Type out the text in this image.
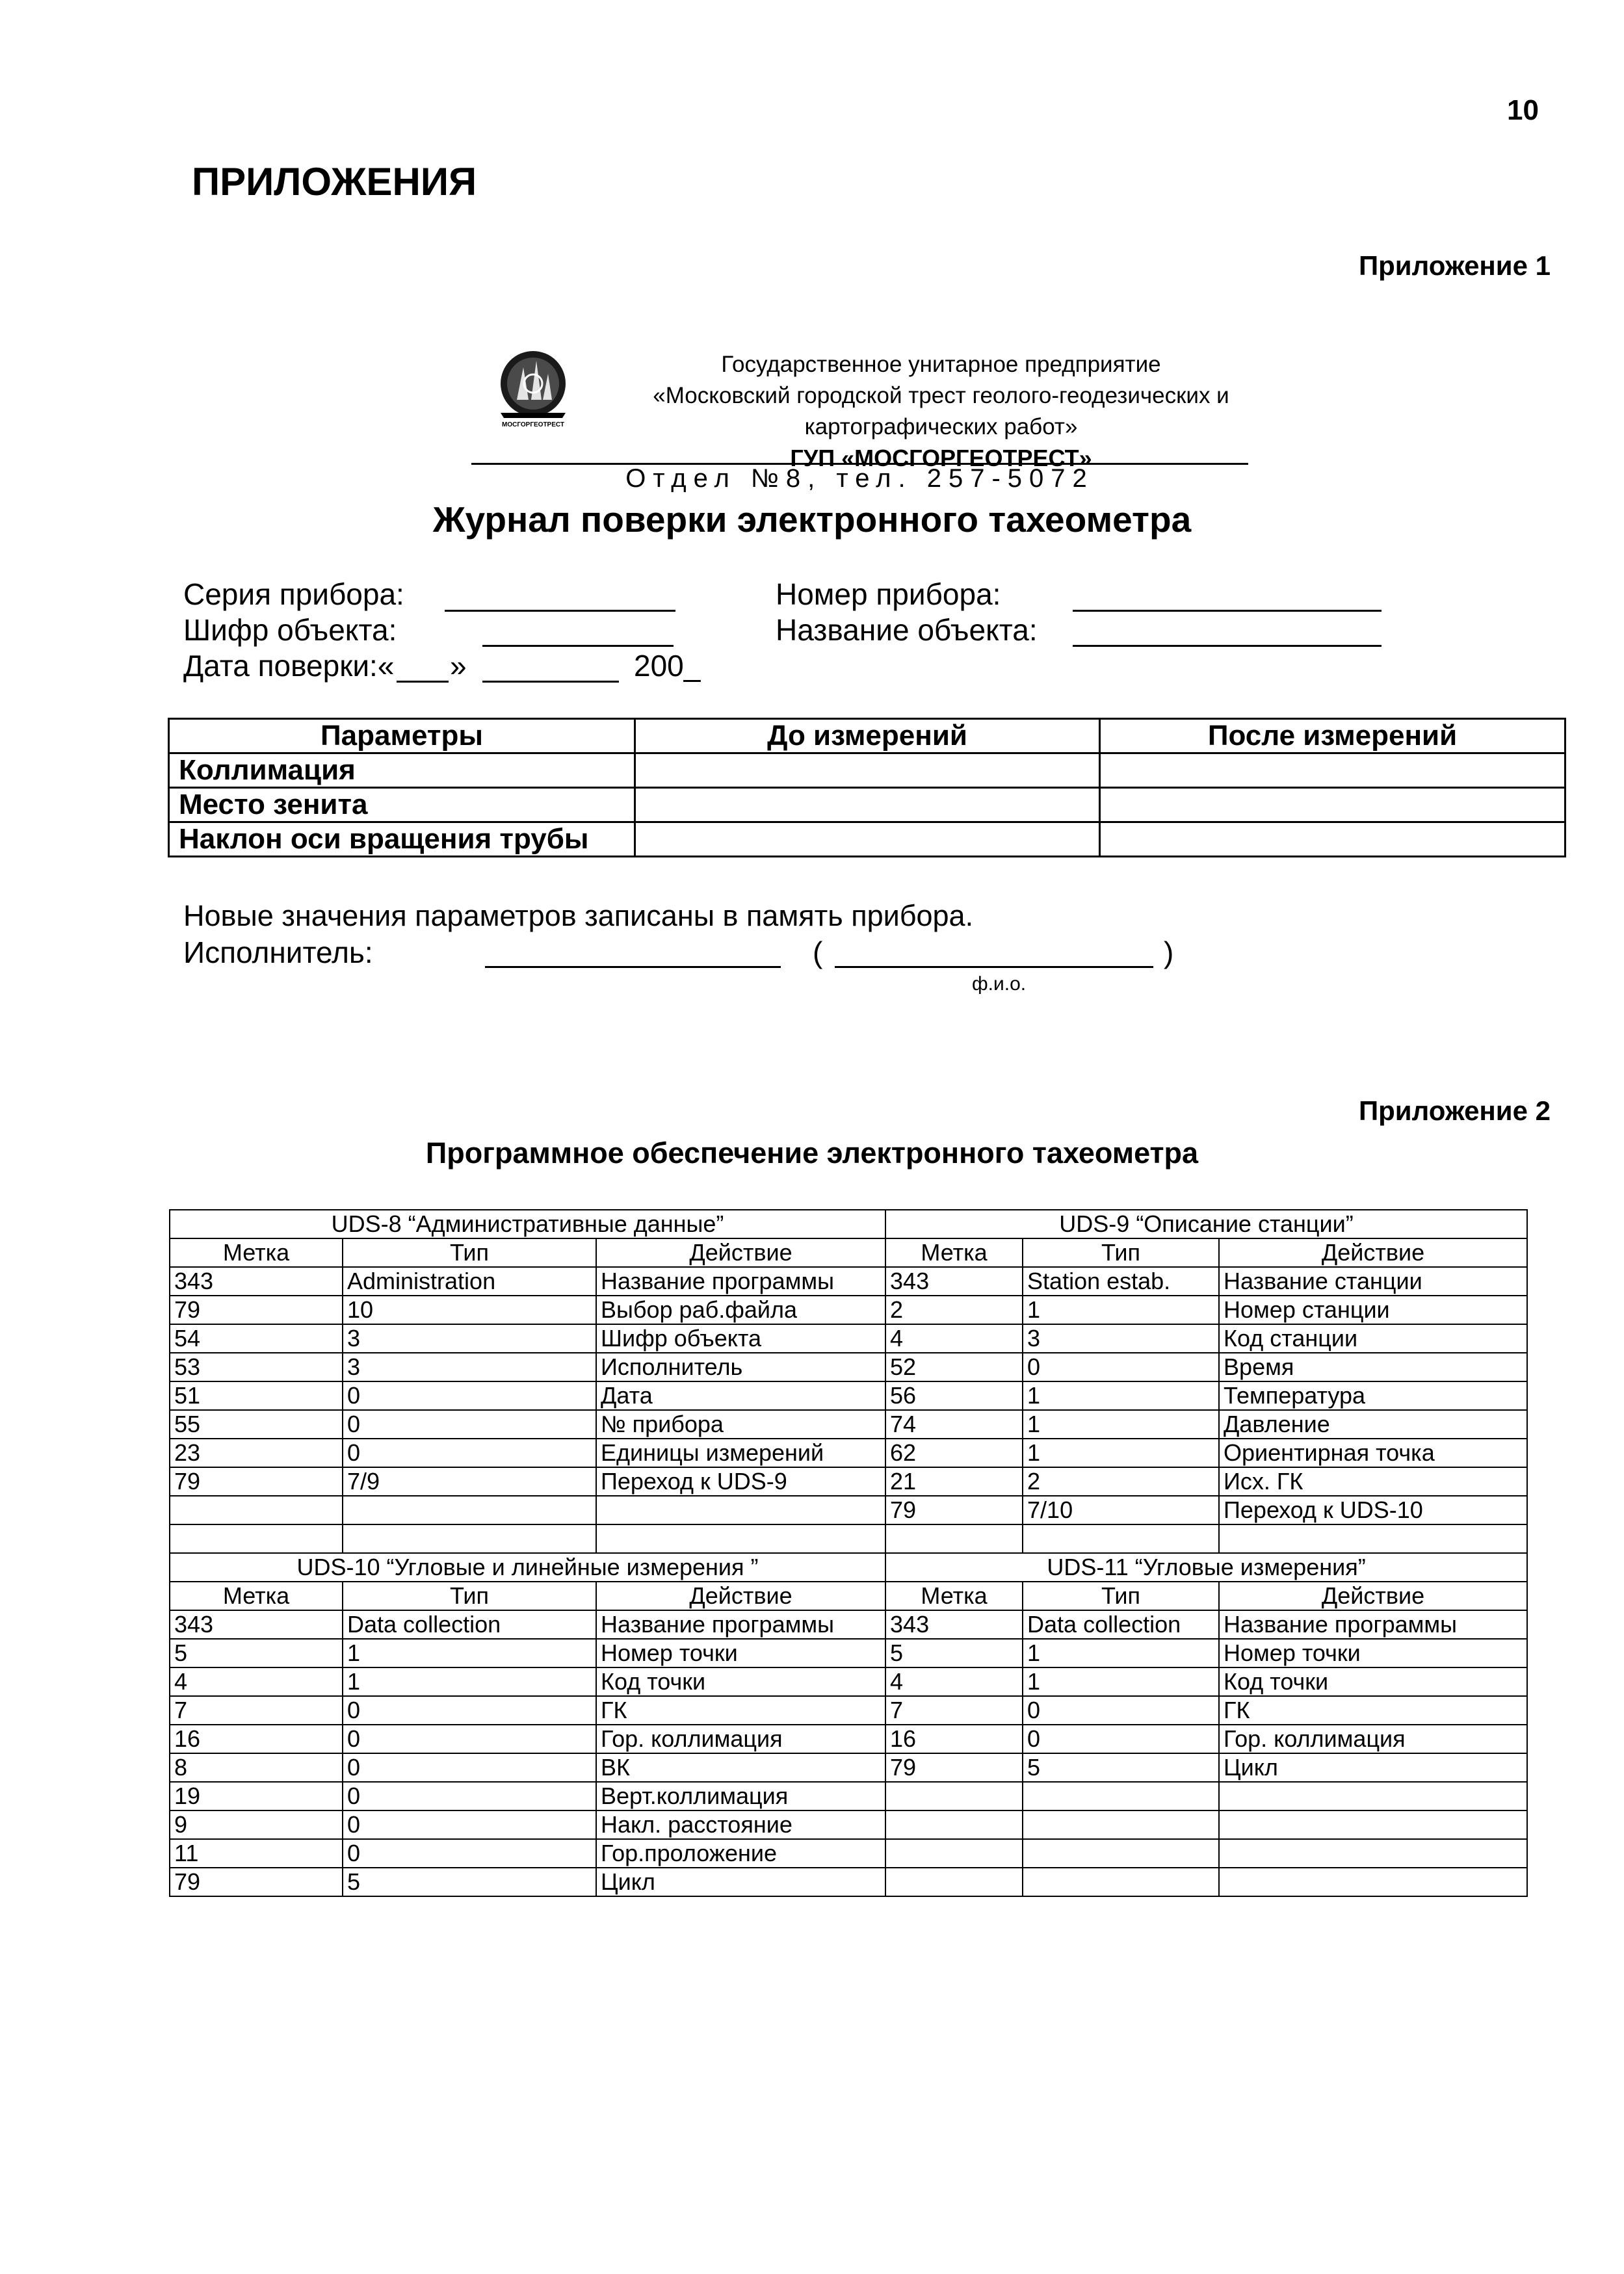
10
ПРИЛОЖЕНИЯ
Приложение 1
МОСГОРГЕОТРЕСТ
Государственное унитарное предприятие
«Московский городской трест геолого-геодезических и
картографических работ»
ГУП «МОСГОРГЕОТРЕСТ»
Отдел №8, тел. 257-5072
Журнал поверки электронного тахеометра
Серия прибора:
Шифр объекта:
Дата поверки:« »	200_
Номер прибора:
Название объекта:
Параметры	До измерений	После измерений
Коллимация		
Место зенита		
Наклон оси вращения трубы		
Новые значения параметров записаны в память прибора.
Исполнитель:	(	)
ф.и.о.
Приложение 2
Программное обеспечение электронного тахеометра
UDS-8 “Административные данные”			UDS-9 “Описание станции”		
Метка	Тип	Действие	Метка	Тип	Действие
343	Administration	Название программы	343	Station estab.	Название станции
79	10	Выбор раб.файла	2	1	Номер станции
54	3	Шифр объекта	4	3	Код станции
53	3	Исполнитель	52	0	Время
51	0	Дата	56	1	Температура
55	0	№ прибора	74	1	Давление
23	0	Единицы измерений	62	1	Ориентирная точка
79	7/9	Переход к UDS-9	21	2	Исх. ГК
			79	7/10	Переход к UDS-10

UDS-10 “Угловые и линейные измерения ”			UDS-11 “Угловые измерения”		
Метка	Тип	Действие	Метка	Тип	Действие
343	Data collection	Название программы	343	Data collection	Название программы
5	1	Номер точки	5	1	Номер точки
4	1	Код точки	4	1	Код точки
7	0	ГК	7	0	ГК
16	0	Гор. коллимация	16	0	Гор. коллимация
8	0	ВК	79	5	Цикл
19	0	Верт.коллимация			
9	0	Накл. расстояние			
11	0	Гор.проложение			
79	5	Цикл			
